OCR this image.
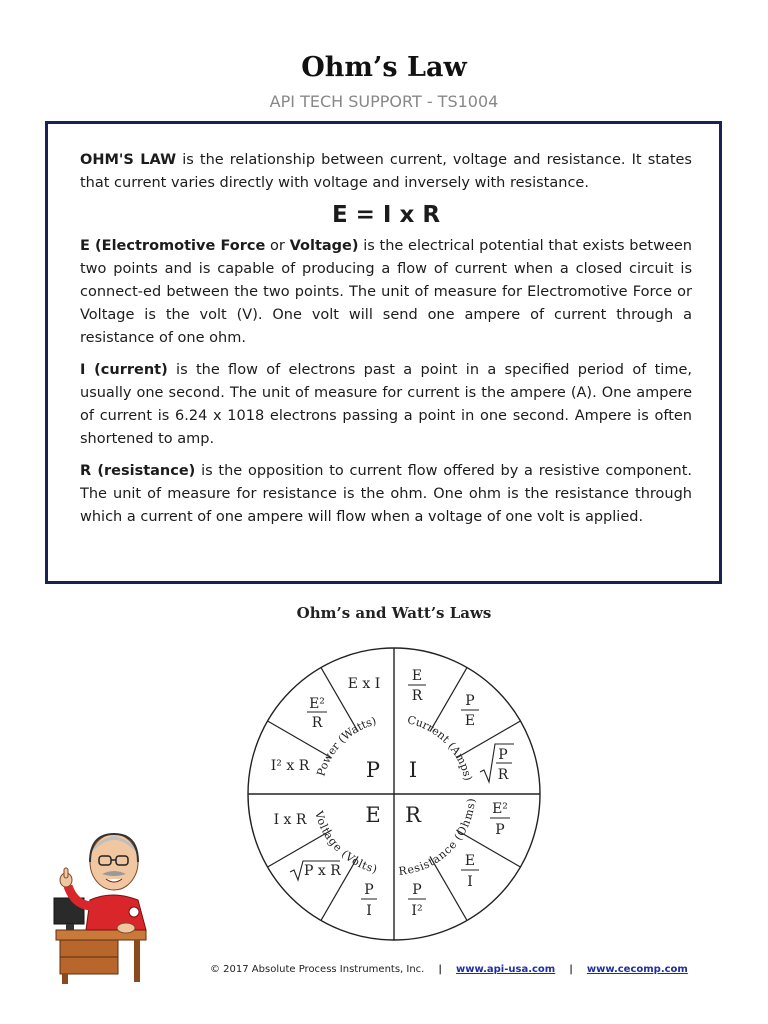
Ohm’s Law
API TECH SUPPORT - TS1004

OHM'S LAW is the relationship between current, voltage and resistance. It states that current varies directly with voltage and inversely with resistance.

E = I x R

E (Electromotive Force or Voltage) is the electrical potential that exists between two points and is capable of producing a flow of current when a closed circuit is connect-ed between the two points. The unit of measure for Electromotive Force or Voltage is the volt (V). One volt will send one ampere of current through a resistance of one ohm.

I (current) is the flow of electrons past a point in a specified period of time, usually one second. The unit of measure for current is the ampere (A). One ampere of current is 6.24 x 1018 electrons passing a point in one second. Ampere is often shortened to amp.

R (resistance) is the opposition to current flow offered by a resistive component. The unit of measure for resistance is the ohm. One ohm is the resistance through which a current of one ampere will flow when a voltage of one volt is applied.

Ohm’s and Watt’s Laws
Power (Watts)	Current (Amps)
Voltage (Volts) Resistance (Ohms)
P I
E R
E x I E
R
E²
R
P
E
I² x R
P
R
I x R
E²
P
P x R
E
I
P
I
P
I²
© 2017 Absolute Process Instruments, Inc. | www.api-usa.com | www.cecomp.com
